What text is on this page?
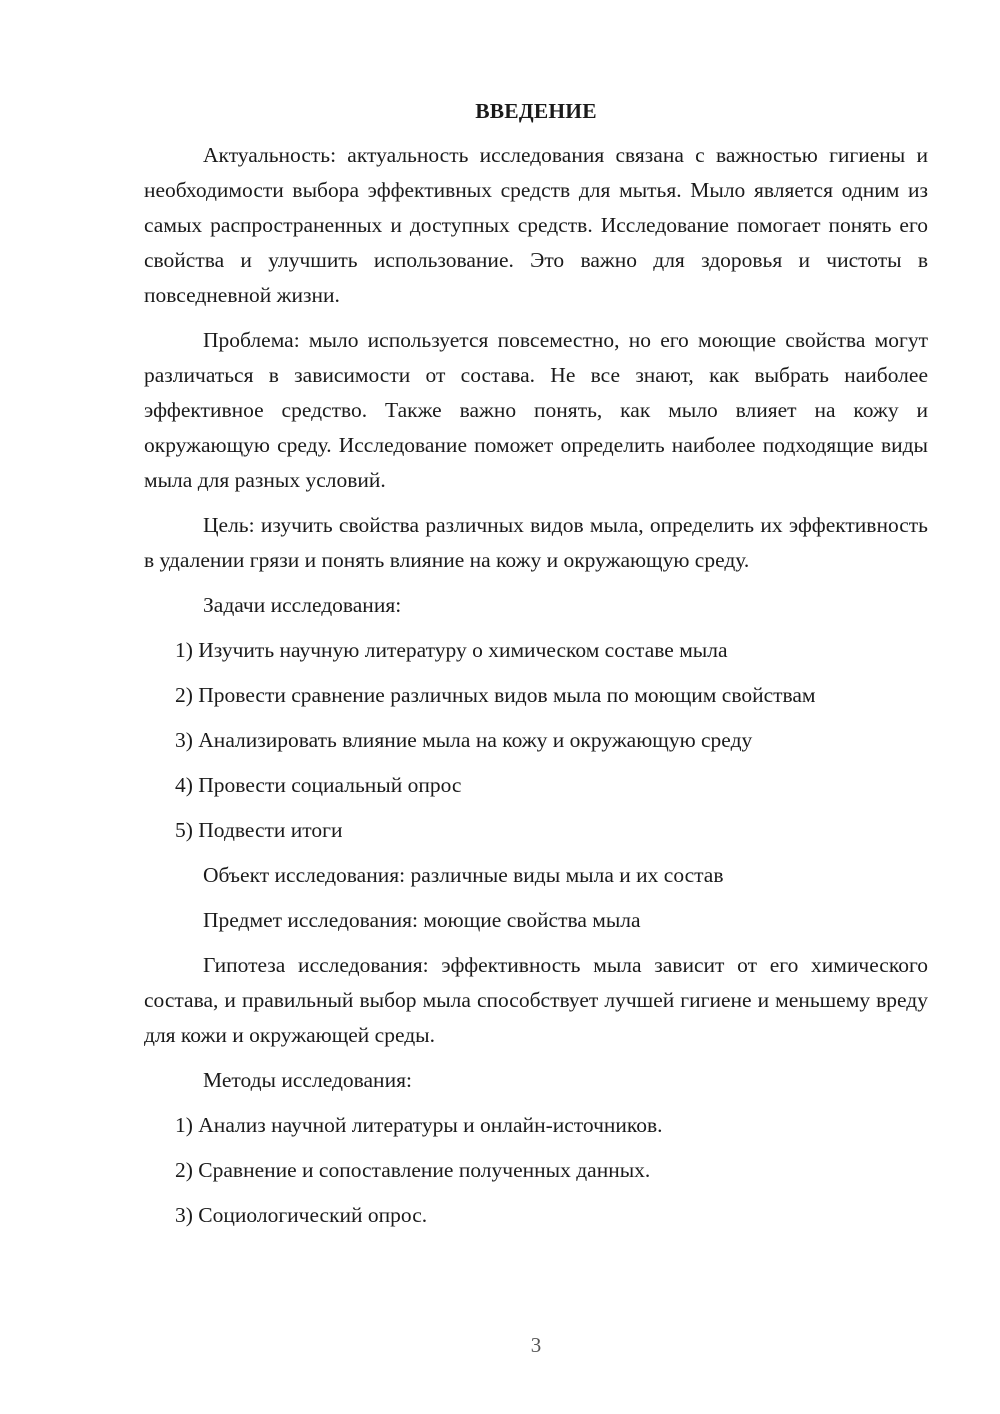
ВВЕДЕНИЕ

Актуальность: актуальность исследования связана с важностью гигиены и необходимости выбора эффективных средств для мытья. Мыло является одним из самых распространенных и доступных средств. Исследование помогает понять его свойства и улучшить использование. Это важно для здоровья и чистоты в повседневной жизни.

Проблема: мыло используется повсеместно, но его моющие свойства могут различаться в зависимости от состава. Не все знают, как выбрать наиболее эффективное средство. Также важно понять, как мыло влияет на кожу и окружающую среду. Исследование поможет определить наиболее подходящие виды мыла для разных условий.

Цель: изучить свойства различных видов мыла, определить их эффективность в удалении грязи и понять влияние на кожу и окружающую среду.

Задачи исследования:
1) Изучить научную литературу о химическом составе мыла
2) Провести сравнение различных видов мыла по моющим свойствам
3) Анализировать влияние мыла на кожу и окружающую среду
4) Провести социальный опрос
5) Подвести итоги
Объект исследования: различные виды мыла и их состав
Предмет исследования: моющие свойства мыла

Гипотеза исследования: эффективность мыла зависит от его химического состава, и правильный выбор мыла способствует лучшей гигиене и меньшему вреду для кожи и окружающей среды.

Методы исследования:
1) Анализ научной литературы и онлайн-источников.
2) Сравнение и сопоставление полученных данных.
3) Социологический опрос.
3
